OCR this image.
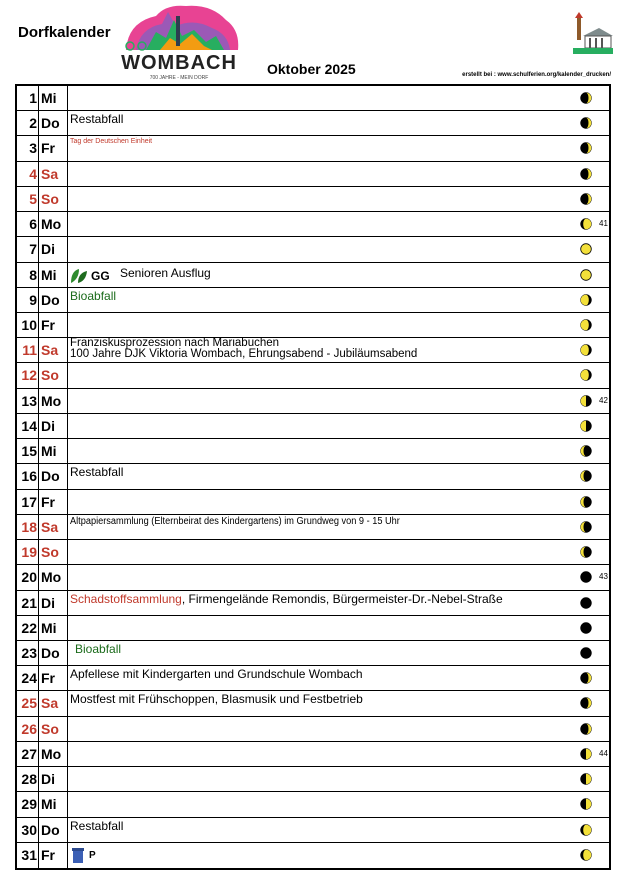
Dorfkalender
WOMBACH
700 JAHRE - MEIN DORF
Oktober 2025	erstellt bei : www.schulferien.org/kalender_drucken/
1 Mi
2 Do Restabfall
3 Fr Tag der Deutschen Einheit
4 Sa
5 So
6 Mo	41
7 Di
8 Mi	GG Senioren Ausflug
9 Do Bioabfall
10 Fr
11 Sa Franziskusprozession nach Mariabuchen
100 Jahre DJK Viktoria Wombach, Ehrungsabend - Jubiläumsabend
12 So
13 Mo	42
14 Di
15 Mi
16 Do Restabfall
17 Fr
18 Sa Altpapiersammlung (Elternbeirat des Kindergartens) im Grundweg von 9 - 15 Uhr
19 So
20 Mo	43
21 Di Schadstoffsammlung, Firmengelände Remondis, Bürgermeister-Dr.-Nebel-Straße
22 Mi
23 Do Bioabfall
24 Fr Apfellese mit Kindergarten und Grundschule Wombach
25 Sa Mostfest mit Frühschoppen, Blasmusik und Festbetrieb
26 So
27 Mo	44
28 Di
29 Mi
30 Do Restabfall
31 Fr	P
